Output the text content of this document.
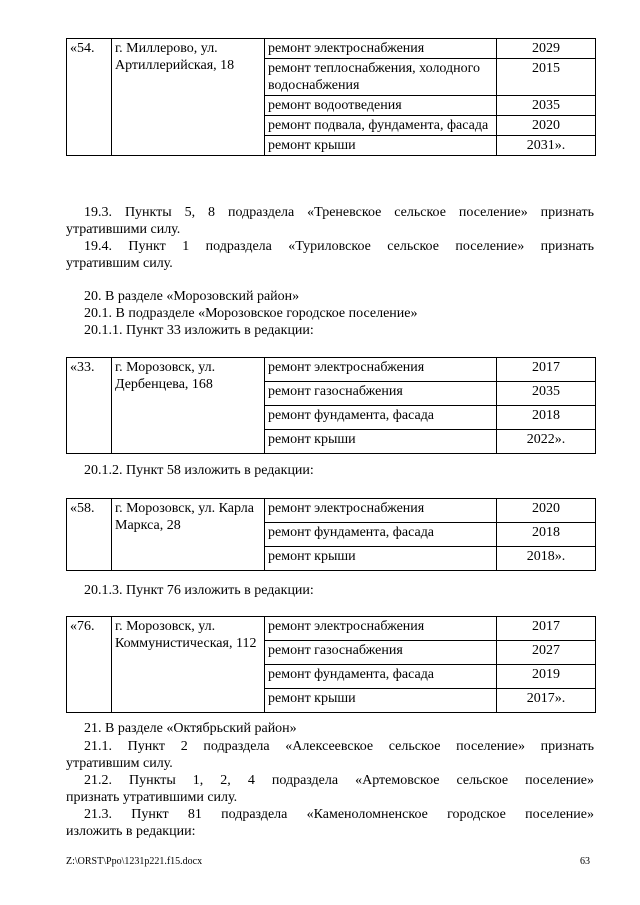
«54.	г. Миллерово, ул. Артиллерийская, 18	ремонт электроснабжения	2029
		ремонт теплоснабжения, холодного водоснабжения	2015
		ремонт водоотведения	2035
		ремонт подвала, фундамента, фасада	2020
		ремонт крыши	2031».
19.3. Пункты 5, 8 подраздела «Треневское сельское поселение» признать
утратившими силу.
19.4. Пункт 1 подраздела «Туриловское сельское поселение» признать
утратившим силу.
20. В разделе «Морозовский район»
20.1. В подразделе «Морозовское городское поселение»
20.1.1. Пункт 33 изложить в редакции:
«33.	г. Морозовск, ул. Дербенцева, 168	ремонт электроснабжения	2017
		ремонт газоснабжения	2035
		ремонт фундамента, фасада	2018
		ремонт крыши	2022».
20.1.2. Пункт 58 изложить в редакции:
«58.	г. Морозовск, ул. Карла Маркса, 28	ремонт электроснабжения	2020
		ремонт фундамента, фасада	2018
		ремонт крыши	2018».
20.1.3. Пункт 76 изложить в редакции:
«76.	г. Морозовск, ул. Коммунистическая, 112	ремонт электроснабжения	2017
		ремонт газоснабжения	2027
		ремонт фундамента, фасада	2019
		ремонт крыши	2017».
21. В разделе «Октябрьский район»
21.1. Пункт 2 подраздела «Алексеевское сельское поселение» признать
утратившим силу.
21.2. Пункты 1, 2, 4 подраздела «Артемовское сельское поселение»
признать утратившими силу.
21.3. Пункт 81 подраздела «Каменоломненское городское поселение»
изложить в редакции:
Z:\ORST\Ppo\1231p221.f15.docx	63
